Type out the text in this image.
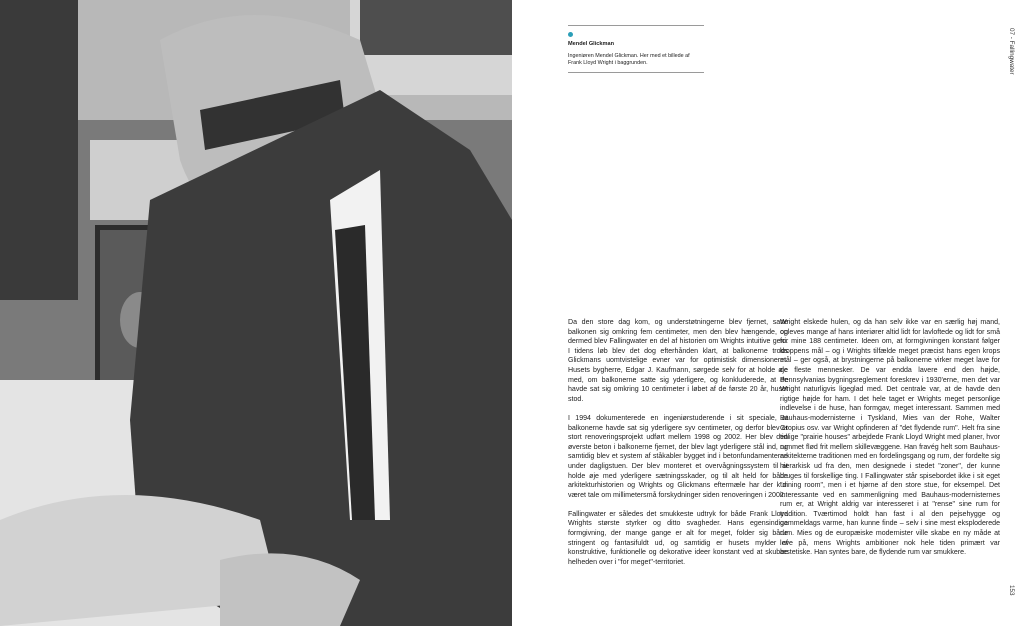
Mendel Glickman
Ingeniøren Mendel Glickman. Her med et billede af Frank Lloyd Wright i baggrunden.	07 - Fallingwater
153

Da den store dag kom, og understøtningerne blev fjernet, satte balkonen sig omkring fem centimeter, men den blev hængende, og dermed blev Fallingwater en del af historien om Wrights intuitive geni. I tidens løb blev det dog efterhånden klart, at balkonerne trods Glickmans uomtvistelige evner var for optimistisk dimensioneret. Husets bygherre, Edgar J. Kaufmann, sørgede selv for at holde øje med, om balkonerne satte sig yderligere, og konkluderede, at de havde sat sig omkring 10 centimeter i løbet af de første 20 år, huset stod.

I 1994 dokumenterede en ingeniørstuderende i sit speciale, at balkonerne havde sat sig yderligere syv centimeter, og derfor blev et stort renoveringsprojekt udført mellem 1998 og 2002. Her blev den øverste beton i balkonerne fjernet, der blev lagt yderligere stål ind, og samtidig blev et system af ståkabler bygget ind i betonfundamenterne under dagligstuen. Der blev monteret et overvågningssystem til at holde øje med yderligere sætningsskader, og til alt held for både arkitekturhistorien og Wrights og Glickmans eftermæle har der kun været tale om millimetersmå forskydninger siden renoveringen i 2002.

Fallingwater er således det smukkeste udtryk for både Frank Lloyd Wrights største styrker og ditto svagheder. Hans egensindige formgivning, der mange gange er alt for meget, folder sig både stringent og fantasifuldt ud, og samtidig er husets mylder af konstruktive, funktionelle og dekorative ideer konstant ved at skubbe helheden over i "for meget"-territoriet.

Wright elskede hulen, og da han selv ikke var en særlig høj mand, opleves mange af hans interiører altid lidt for lavloftede og lidt for små for mine 188 centimeter. Ideen om, at formgivningen konstant følger kroppens mål – og i Wrights tilfælde meget præcist hans egen krops mål – ger også, at brystningerne på balkonerne virker meget lave for de fleste mennesker. De var endda lavere end den højde, Pennsylvanias bygningsreglement foreskrev i 1930'erne, men det var Wright naturligvis ligeglad med. Det centrale var, at de havde den rigtige højde for ham. I det hele taget er Wrights meget personlige indlevelse i de huse, han formgav, meget interessant. Sammen med Bauhaus-modernisterne i Tyskland, Mies van der Rohe, Walter Gropius osv. var Wright opfinderen af "det flydende rum". Helt fra sine tidlige "prairie houses" arbejdede Frank Lloyd Wright med planer, hvor rummet flød frit mellem skillevæggene. Han fravég helt som Bauhaus-arkitekterne traditionen med en fordelingsgang og rum, der fordelte sig hierarkisk ud fra den, men designede i stedet "zoner", der kunne bruges til forskellige ting. I Fallingwater står spisebordet ikke i sit eget "dining room", men i et hjørne af den store stue, for eksempel. Det interessante ved en sammenligning med Bauhaus-modernisternes rum er, at Wright aldrig var interesseret i at "rense" sine rum for tradition. Tværtimod holdt han fast i al den pejsehygge og gammeldags varme, han kunne finde – selv i sine mest eksploderede rum. Mies og de europæiske modernister ville skabe en ny måde at leve på, mens Wrights ambitioner nok hele tiden primært var æstetiske. Han syntes bare, de flydende rum var smukkere.
